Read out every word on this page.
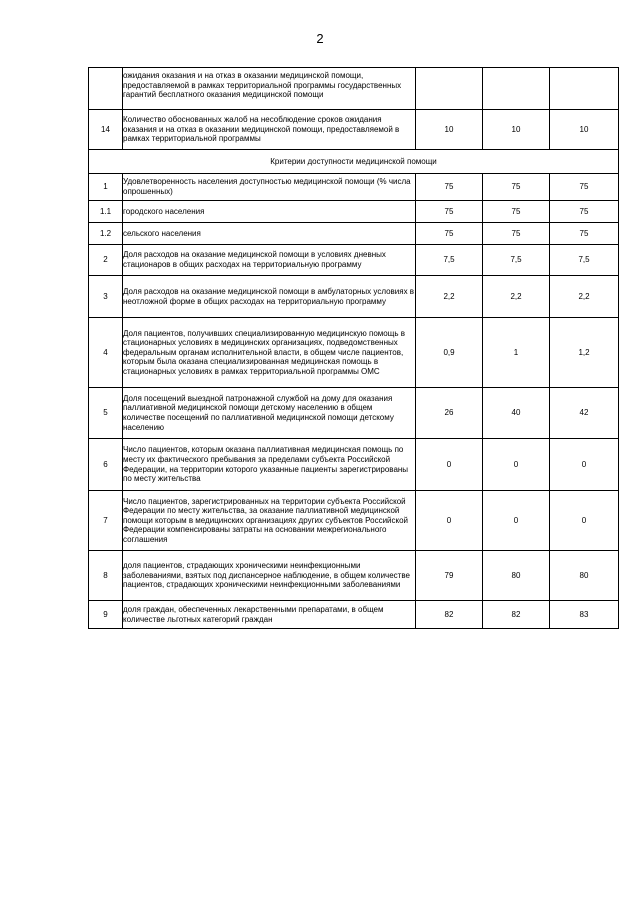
2
	ожидания оказания и на отказ в оказании медицинской помощи, предоставляемой в рамках территориальной программы государственных гарантий бесплатного оказания медицинской помощи			
14	Количество обоснованных жалоб на несоблюдение сроков ожидания оказания и на отказ в оказании медицинской помощи, предоставляемой в рамках территориальной программы	10	10	10
Критерии доступности медицинской помощи				
1	Удовлетворенность населения доступностью медицинской помощи (% числа опрошенных)	75	75	75
1.1	городского населения	75	75	75
1.2	сельского населения	75	75	75
2	Доля расходов на оказание медицинской помощи в условиях дневных стационаров в общих расходах на территориальную программу	7,5	7,5	7,5
3	Доля расходов на оказание медицинской помощи в амбулаторных условиях в неотложной форме в общих расходах на территориальную программу	2,2	2,2	2,2
4	Доля пациентов, получивших специализированную медицинскую помощь в стационарных условиях в медицинских организациях, подведомственных федеральным органам исполнительной власти, в общем числе пациентов, которым была оказана специализированная медицинская помощь в стационарных условиях в рамках территориальной программы ОМС	0,9	1	1,2
5	Доля посещений выездной патронажной службой на дому для оказания паллиативной медицинской помощи детскому населению в общем количестве посещений по паллиативной медицинской помощи детскому населению	26	40	42
6	Число пациентов, которым оказана паллиативная медицинская помощь по месту их фактического пребывания за пределами субъекта Российской Федерации, на территории которого указанные пациенты зарегистрированы по месту жительства	0	0	0
7	Число пациентов, зарегистрированных на территории субъекта Российской Федерации по месту жительства, за оказание паллиативной медицинской помощи которым в медицинских организациях других субъектов Российской Федерации компенсированы затраты на основании межрегионального соглашения	0	0	0
8	доля пациентов, страдающих хроническими неинфекционными заболеваниями, взятых под диспансерное наблюдение, в общем количестве пациентов, страдающих хроническими неинфекционными заболеваниями	79	80	80
9	доля граждан, обеспеченных лекарственными препаратами, в общем количестве льготных категорий граждан	82	82	83
